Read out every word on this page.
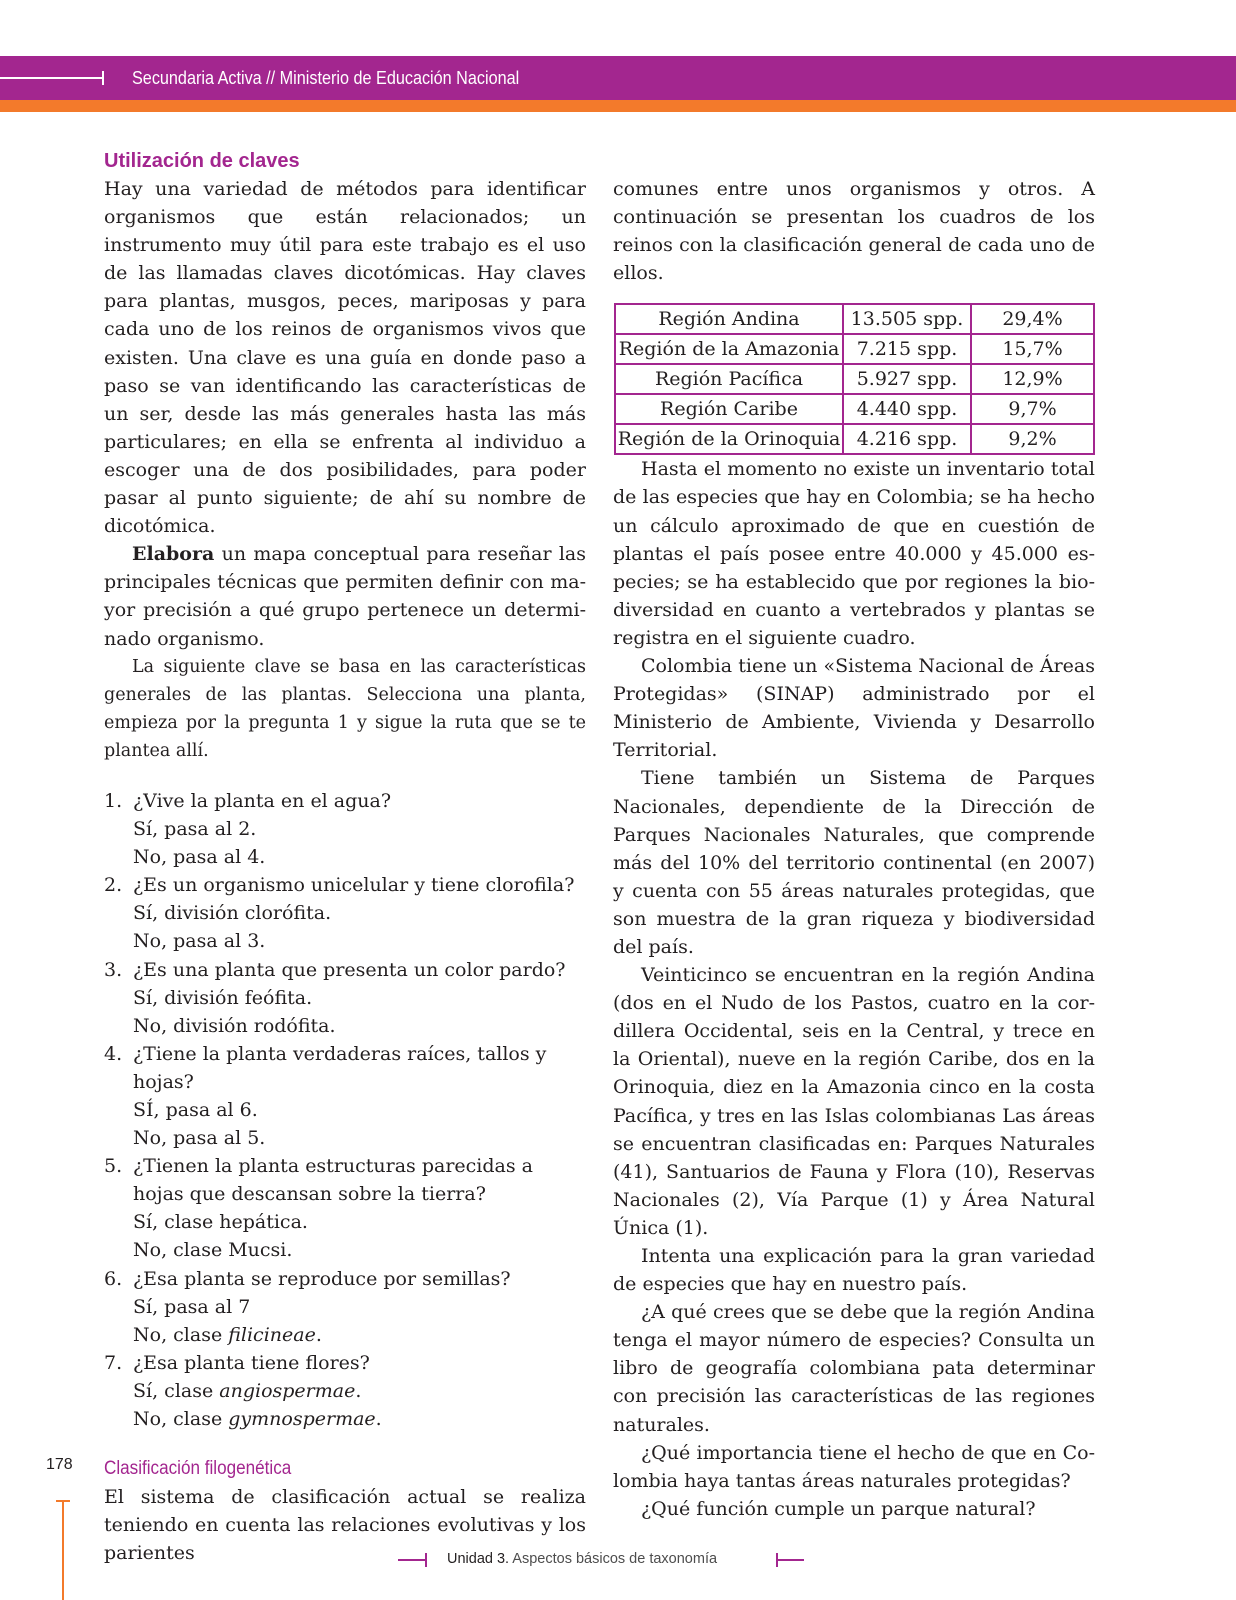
Secundaria Activa // Ministerio de Educación Nacional

Utilización de claves

Hay una variedad de métodos para identificar organismos que están relacionados; un instrumento muy útil para este trabajo es el uso de las llamadas claves dicotómicas. Hay claves para plantas, musgos, peces, mariposas y para cada uno de los reinos de organismos vivos que existen. Una clave es una guía en donde paso a paso se van identificando las características de un ser, desde las más generales hasta las más particulares; en ella se enfrenta al individuo a escoger una de dos posibilidades, para poder pasar al punto siguiente; de ahí su nombre de dicotómica.

Elabora un mapa conceptual para reseñar las principales técnicas que permiten definir con mayor precisión a qué grupo pertenece un determinado organismo.

La siguiente clave se basa en las características generales de las plantas. Selecciona una planta, empieza por la pregunta 1 y sigue la ruta que se te plantea allí.

1. ¿Vive la planta en el agua?
Sí, pasa al 2.
No, pasa al 4.
2. ¿Es un organismo unicelular y tiene clorofila?
Sí, división clorófita.
No, pasa al 3.
3. ¿Es una planta que presenta un color pardo?
Sí, división feófita.
No, división rodófita.
4. ¿Tiene la planta verdaderas raíces, tallos y hojas?
SÍ, pasa al 6.
No, pasa al 5.
5. ¿Tienen la planta estructuras parecidas a hojas que descansan sobre la tierra?
Sí, clase hepática.
No, clase Mucsi.
6. ¿Esa planta se reproduce por semillas?
Sí, pasa al 7
No, clase filicineae.
7. ¿Esa planta tiene flores?
Sí, clase angiospermae.
No, clase gymnospermae.

Clasificación filogenética

El sistema de clasificación actual se realiza teniendo en cuenta las relaciones evolutivas y los parientes

comunes entre unos organismos y otros. A continuación se presentan los cuadros de los reinos con la clasificación general de cada uno de ellos.

Hasta el momento no existe un inventario total de las especies que hay en Colombia; se ha hecho un cálculo aproximado de que en cuestión de plantas el país posee entre 40.000 y 45.000 especies; se ha establecido que por regiones la biodiversidad en cuanto a vertebrados y plantas se registra en el siguiente cuadro.

Colombia tiene un «Sistema Nacional de Áreas Protegidas» (SINAP) administrado por el Ministerio de Ambiente, Vivienda y Desarrollo Territorial.

Tiene también un Sistema de Parques Nacionales, dependiente de la Dirección de Parques Nacionales Naturales, que comprende más del 10% del territorio continental (en 2007) y cuenta con 55 áreas naturales protegidas, que son muestra de la gran riqueza y biodiversidad del país.

Veinticinco se encuentran en la región Andina (dos en el Nudo de los Pastos, cuatro en la cordillera Occidental, seis en la Central, y trece en la Oriental), nueve en la región Caribe, dos en la Orinoquia, diez en la Amazonia cinco en la costa Pacífica, y tres en las Islas colombianas Las áreas se encuentran clasificadas en: Parques Naturales (41), Santuarios de Fauna y Flora (10), Reservas Nacionales (2), Vía Parque (1) y Área Natural Única (1).

Intenta una explicación para la gran variedad de especies que hay en nuestro país.

¿A qué crees que se debe que la región Andina tenga el mayor número de especies? Consulta un libro de geografía colombiana pata determinar con precisión las características de las regiones naturales.

¿Qué importancia tiene el hecho de que en Colombia haya tantas áreas naturales protegidas?

¿Qué función cumple un parque natural?

Región Andina	13.505 spp.	29,4%
Región de la Amazonia	7.215 spp.	15,7%
Región Pacífica	5.927 spp.	12,9%
Región Caribe	4.440 spp.	9,7%
Región de la Orinoquia	4.216 spp.	9,2%
178
Unidad 3. Aspectos básicos de taxonomía
